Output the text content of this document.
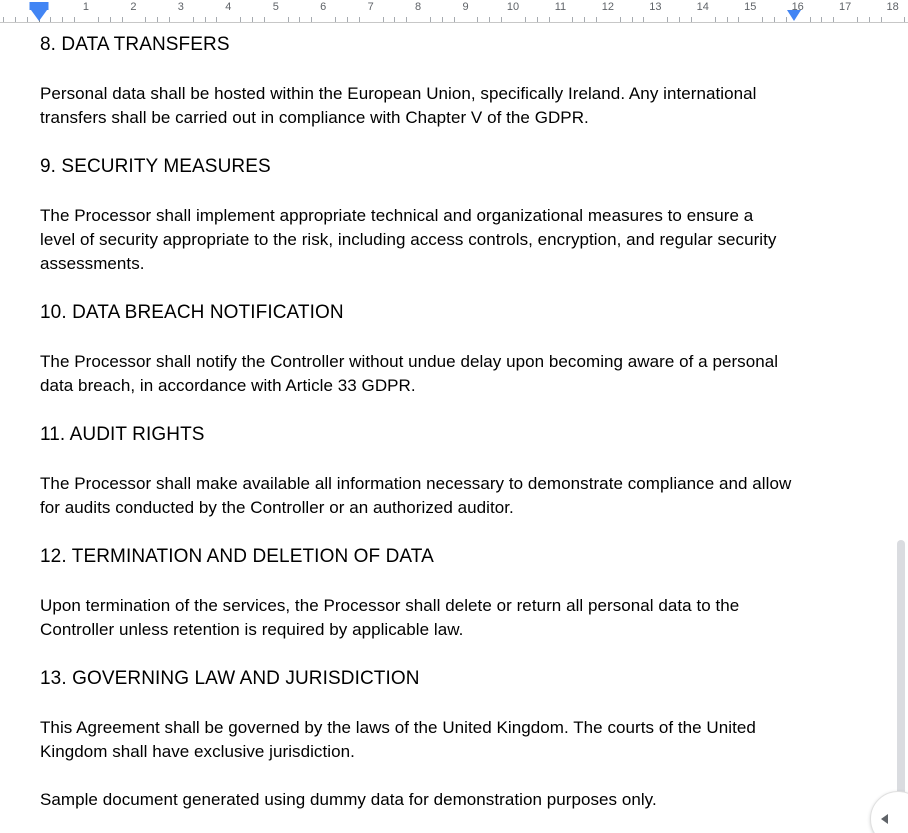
1	2	3	4	5	6	7	8	9	10	11	12	13	14	15	16	17	18
8. DATA TRANSFERS

Personal data shall be hosted within the European Union, specifically Ireland. Any international transfers shall be carried out in compliance with Chapter V of the GDPR.

9. SECURITY MEASURES

The Processor shall implement appropriate technical and organizational measures to ensure a level of security appropriate to the risk, including access controls, encryption, and regular security assessments.

10. DATA BREACH NOTIFICATION

The Processor shall notify the Controller without undue delay upon becoming aware of a personal data breach, in accordance with Article 33 GDPR.

11. AUDIT RIGHTS

The Processor shall make available all information necessary to demonstrate compliance and allow for audits conducted by the Controller or an authorized auditor.

12. TERMINATION AND DELETION OF DATA

Upon termination of the services, the Processor shall delete or return all personal data to the Controller unless retention is required by applicable law.

13. GOVERNING LAW AND JURISDICTION

This Agreement shall be governed by the laws of the United Kingdom. The courts of the United Kingdom shall have exclusive jurisdiction.

Sample document generated using dummy data for demonstration purposes only.
